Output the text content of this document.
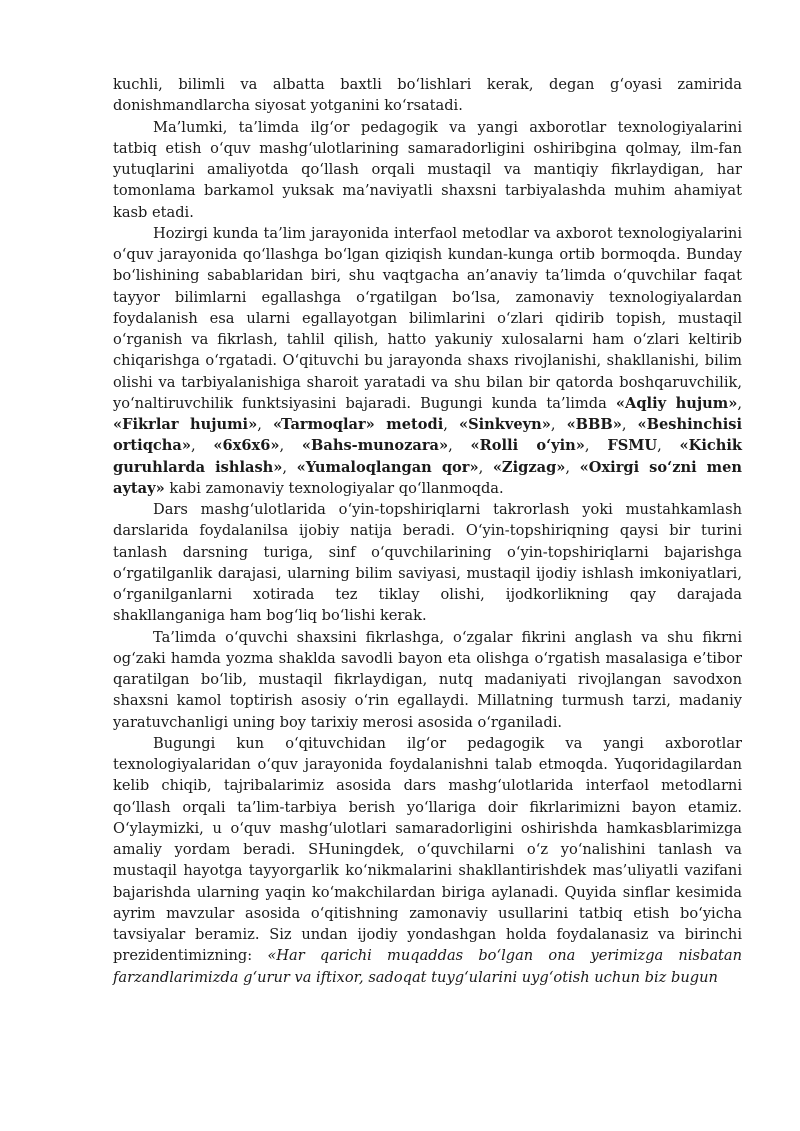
kuchli, bilimli va albatta baxtli bo‘lishlari kerak, degan g‘oyasi zamirida donishmandlarcha siyosat yotganini ko‘rsatadi.

Ma’lumki, ta’limda ilg‘or pedagogik va yangi axborotlar texnologiyalarini tatbiq etish o‘quv mashg‘ulotlarining samaradorligini oshiribgina qolmay, ilm-fan yutuqlarini amaliyotda qo‘llash orqali mustaqil va mantiqiy fikrlaydigan, har tomonlama barkamol yuksak ma’naviyatli shaxsni tarbiyalashda muhim ahamiyat kasb etadi.

Hozirgi kunda ta’lim jarayonida interfaol metodlar va axborot texnologiyalarini o‘quv jarayonida qo‘llashga bo‘lgan qiziqish kundan-kunga ortib bormoqda. Bunday bo‘lishining sabablaridan biri, shu vaqtgacha an’anaviy ta’limda o‘quvchilar faqat tayyor bilimlarni egallashga o‘rgatilgan bo‘lsa, zamonaviy texnologiyalardan foydalanish esa ularni egallayotgan bilimlarini o‘zlari qidirib topish, mustaqil o‘rganish va fikrlash, tahlil qilish, hatto yakuniy xulosalarni ham o‘zlari keltirib chiqarishga o‘rgatadi. O‘qituvchi bu jarayonda shaxs rivojlanishi, shakllanishi, bilim olishi va tarbiyalanishiga sharoit yaratadi va shu bilan bir qatorda boshqaruvchilik, yo‘naltiruvchilik funktsiyasini bajaradi. Bugungi kunda ta’limda «Aqliy hujum», «Fikrlar hujumi», «Tarmoqlar» metodi, «Sinkveyn», «BBB», «Beshinchisi ortiqcha», «6x6x6», «Bahs-munozara», «Rolli o‘yin», FSMU, «Kichik guruhlarda ishlash», «Yumaloqlangan qor», «Zigzag», «Oxirgi so‘zni men aytay» kabi zamonaviy texnologiyalar qo‘llanmoqda.

Dars mashg‘ulotlarida o‘yin-topshiriqlarni takrorlash yoki mustahkamlash darslarida foydalanilsa ijobiy natija beradi. O‘yin-topshiriqning qaysi bir turini tanlash darsning turiga, sinf o‘quvchilarining o‘yin-topshiriqlarni bajarishga o‘rgatilganlik darajasi, ularning bilim saviyasi, mustaqil ijodiy ishlash imkoniyatlari, o‘rganilganlarni xotirada tez tiklay olishi, ijodkorlikning qay darajada shakllanganiga ham bog‘liq bo‘lishi kerak.

Ta’limda o‘quvchi shaxsini fikrlashga, o‘zgalar fikrini anglash va shu fikrni og‘zaki hamda yozma shaklda savodli bayon eta olishga o‘rgatish masalasiga e’tibor qaratilgan bo‘lib, mustaqil fikrlaydigan, nutq madaniyati rivojlangan savodxon shaxsni kamol toptirish asosiy o‘rin egallaydi. Millatning turmush tarzi, madaniy yaratuvchanligi uning boy tarixiy merosi asosida o‘rganiladi.

Bugungi kun o‘qituvchidan ilg‘or pedagogik va yangi axborotlar texnologiyalaridan o‘quv jarayonida foydalanishni talab etmoqda. Yuqoridagilardan kelib chiqib, tajribalarimiz asosida dars mashg‘ulotlarida interfaol metodlarni qo‘llash orqali ta’lim-tarbiya berish yo‘llariga doir fikrlarimizni bayon etamiz. O‘ylaymizki, u o‘quv mashg‘ulotlari samaradorligini oshirishda hamkasblarimizga amaliy yordam beradi. SHuningdek, o‘quvchilarni o‘z yo‘nalishini tanlash va mustaqil hayotga tayyorgarlik ko‘nikmalarini shakllantirishdek mas’uliyatli vazifani bajarishda ularning yaqin ko‘makchilardan biriga aylanadi. Quyida sinflar kesimida ayrim mavzular asosida o‘qitishning zamonaviy usullarini tatbiq etish bo‘yicha tavsiyalar beramiz. Siz undan ijodiy yondashgan holda foydalanasiz va birinchi prezidentimizning: «Har qarichi muqaddas bo‘lgan ona yerimizga nisbatan farzandlarimizda g‘urur va iftixor, sadoqat tuyg‘ularini uyg‘otish uchun biz bugun
